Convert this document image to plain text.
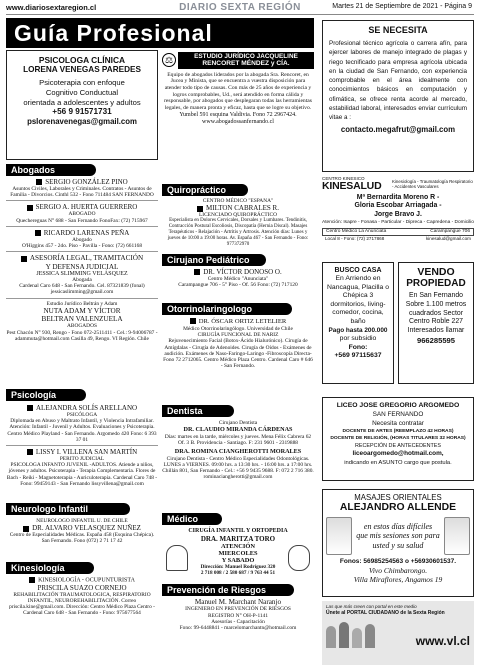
www.diariosextaregion.cl	DIARIO SEXTA REGIÓN	Martes 21 de Septiembre de 2021 - Página 9
Guía Profesional
PSICOLOGA CLÍNICA
LORENA VENEGAS PAREDES
Psicoterapia con enfoque
Cognitivo Conductual
orientada a adolescentes y adultos
+56 9 91571731
pslorenavenegas@gmail.com
Abogados
SERGIO GONZÁLEZ PINO
Asuntos Civiles, Laborales y Criminales. Contratos - Asuntos de Familia - Divorcios. Cinthl 532 - Fono 711484 SAN FERNANDO
SERGIO A. HUERTA GUERRERO
ABOGADO
Quechereguas N° 688 - San Fernando FonoFax: (72) 715967
RICARDO LARENAS PEÑA
Abogado
O'Higgins 457 - 2do. Piso - Pavilla - Fono: (72) 661168
ASESORÍA LEGAL, TRAMITACIÓN
Y DEFENSA JUDICIAL
JESSICA SLIMMING VELÁSQUEZ
Abogada
Cardenal Caro 648 - San Fernando. Cel. 87321839 (fonal) jessicaslimming@gmail.com
Estudio Jurídico Beltrán y Adam
NUTA ADAM Y VÍCTOR
BELTRAN VALENZUELA
ABOGADOS
Pest Chacón N° 930, Rengo - Fono 072-2511411 - Cel.: 9-94006787 - adammuta@hotmail.com Casilla 49, Rengo. VI Región. Chile
Psicología
ALEJANDRA SOLÍS ARELLANO
PSICÓLOGA
Diplomada en Abuso y Maltrato Infantil, y Violencia Intrafamiliar. Atención: Infantil - Juvenil y Adultos. Evaluaciones y Psicoterapia. Centro Médico Playland - San Fernando. Argomedo 420 Fono: 6 393 37 01
LISSY I. VILLENA SAN MARTÍN
PERITO JUDICIAL
PSICOLOGA INFANTO JUVENIL -ADULTOS. Atiende a niños, jóvenes y adultos. Psicoterapia - Terapia Complementaria. Flores de Bach - Reiki - Magnetoterapia - Auriculoterapia. Cardenal Caro 748 - Fono: 99459143 - San Fernando lissyvillena@gmail.com
Neurologo Infantil
NEUROLOGO INFANTIL U. DE CHILE
DR. ALVARO VELASQUEZ NUÑEZ
Centro de Especialidades Médicas. España 458 (Esquina Chépica). San Fernando. Fono (072) 2 71 17 42
Kinesiología
KINESIOLOGÍA - OCUPUNTURISTA
PRISCILA SUAZO CORNEJO
REHABILITACIÓN TRAUMATOLOGICA, RESPIRATORIO INFANTIL, NEUROREHABILITACIÓN. Correo priscila.kine@gmail.com. Dirección: Centro Médico Plaza Centro - Cardenal Caro 648 - San Fernando - Fono: 975677564
⚖	ESTUDIO JURÍDICO JACQUELINE
RENCORET MÉNDEZ y CÍA.
Equipo de abogados liderados por la abogada Sra. Rencoret, en Jucea y Minista, que se encuentra a vuestra disposición para atender todo tipo de causas. Con más de 25 años de experiencia y logros comprobables, Ud., será atendido en forma cálida y responsable, por abogados que desplegaran todas las herramientas legales, de manera pronta y eficaz, hasta que se logre su objetivo.
Yumbel 591 esquina Valdivia. Fono 72 2967424.
www.abogadossanfernando.cl
Quiropráctico
CENTRO MÉDICO "ESPANA"
MILTON CABRALES R.
LICENCIADO QUIROPRÁCTICO
Especialista en Dolores Cervicales, Dorsales y Lumbares. Tendinitis, Contracción Postural Escoliosis, Discopatía (Hernia Discal). Masajes Terapéuticos - Relajación - Artritis y Artrosis. Atención días: Lunes y jueves de 10:00 a 19:00 horas. Av. España 467 - San Fernando - Fono: 977372970
Cirujano Pediátrico
DR. VÍCTOR DONOSO O.
Centro Médico "Anunciata"
Carampangue 706 - 5° Piso - Of. 56 Fono: (72) 717120
Otorrinolaringologo
DR. ÓSCAR ORTIZ LETELIER
Médico Otorrinolaringólogo. Universidad de Chile
CIRUGÍA FUNCIONAL DE NARIZ
Rejuvenecimiento Facial (Botox-Ácido Hialurónico). Cirugía de Amígdalas - Cirugía de Adenoides. Cirugía de Oídos - Exámenes de audición. Exámenes de Naso-Faringo-Laringo -Fibroscopía Directa- Fono 72 2712065. Centro Médico Plaza Centro. Cardenal Caro # 646 - San Fernando.
Dentista
Cirujano Dentista
DR. CLAUDIO MIRANDA CÁRDENAS
Días: martes en la tarde, miércoles y jueves. Mena Félix Cabrera 62 Of. 3 B. Providencia - Santiago. F: 231 9601 - 2319888
DRA. ROMINA CIANGHEROTTI MORALES
Cirujano Dentista - Centro Médico Especialidades Odontológicas. LUNES a VIERNES. 09:00 hrs. a 13:30 hrs. - 16:00 hrs. a 17:00 hrs. Chillán 801, San Fernando - Cel.: +56 9 9435 9688. F: 072 2 716 380. rominaciangherotti@gmail.com
Médico
CIRUGÍA INFANTIL Y ORTOPEDIA
DRA. MARITZA TORO
ATENCIÓN
MIERCOLES
Y SABADO
Dirección: Manuel Rodríguez 320
2 718 008 / 2 580 687 / 9 763 44 51
Prevención de Riesgos
Manuel M. Marchant Naranjo
INGENIERO EN PREVENCIÓN DE RIESGOS
REGISTRO N° OH-P-1141
Asesorías - Capacitación
Fono: 99-6448841 - marcelomarchantn@hotmail.com
SE NECESITA
Profesional técnico agrícola o carrera afín, para ejercer labores de manejo integrado de plagas y riego tecnificado para empresa agrícola ubicada en la ciudad de San Fernando, con experiencia comprobable en el área idealmente con conocimientos básicos en computación y ofimática, se ofrece renta acorde al mercado, estabilidad laboral, interesados enviar currículum vitae a :
contacto.megafrut@gmail.com
CENTRO KINESICO
KINESALUD	Kinesiología - Traumatología Respiratorio - Accidentes Vasculares
Mª Bernardita Moreno R -
Gloria Escobar Arriagada -
Jorge Bravo J.
Atención: Isapre - Fonasa - Particular - Dipreca - Capredena - Domicilio
Centro Médico La Anunciata	Carampangue 706
Local 8 - Fono: (72) 2717868	kinesalud@gmail.com
BUSCO CASA
En Arriendo en Nancagua, Placilla o Chépica 3 dormitorios, living-comedor, cocina, baño
Pago hasta 200.000
por subsidio
Fono:
+569 97115637
VENDO
PROPIEDAD
En San Fernando Sobre 1.100 metros cuadrados Sector Centro Roble 227 Interesados llamar
966285595
LICEO JOSE GREGORIO ARGOMEDO
SAN FERNANDO
Necesita contratar
DOCENTE DE ARTES (REEMPLAZO 42 HORAS)
DOCENTE DE RELIGIÓN, (HORAS TITULARES 32 HORAS)
RECEPCIÓN DE ANTECEDENTES
liceoargomedo@hotmail.com,
indicando en ASUNTO cargo que postula.
MASAJES ORIENTALES
ALEJANDRO ALLENDE
en estos días difíciles
que mis sesiones son para
usted y su salud
Fonos: 56985254563 o +56930601537.
Vivo Chimbarongo.
Villa Miraflores, Angamos 19
Las que más creen con portal en este medio
Únete al PORTAL CIUDADANO de la Sexta Región
www.vl.cl
